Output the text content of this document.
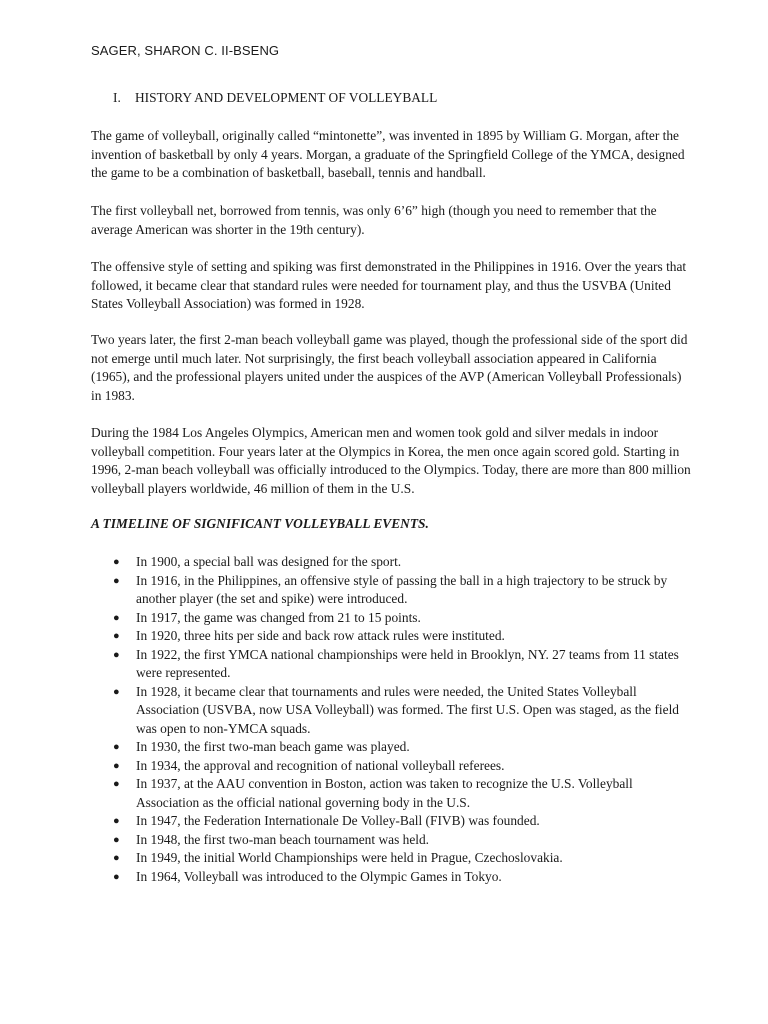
SAGER, SHARON C. II-BSENG

I. HISTORY AND DEVELOPMENT OF VOLLEYBALL

The game of volleyball, originally called “mintonette”, was invented in 1895 by William G. Morgan, after the invention of basketball by only 4 years. Morgan, a graduate of the Springfield College of the YMCA, designed the game to be a combination of basketball, baseball, tennis and handball.

The first volleyball net, borrowed from tennis, was only 6’6” high (though you need to remember that the average American was shorter in the 19th century).

The offensive style of setting and spiking was first demonstrated in the Philippines in 1916. Over the years that followed, it became clear that standard rules were needed for tournament play, and thus the USVBA (United States Volleyball Association) was formed in 1928.

Two years later, the first 2-man beach volleyball game was played, though the professional side of the sport did not emerge until much later. Not surprisingly, the first beach volleyball association appeared in California (1965), and the professional players united under the auspices of the AVP (American Volleyball Professionals) in 1983.

During the 1984 Los Angeles Olympics, American men and women took gold and silver medals in indoor volleyball competition. Four years later at the Olympics in Korea, the men once again scored gold. Starting in 1996, 2-man beach volleyball was officially introduced to the Olympics. Today, there are more than 800 million volleyball players worldwide, 46 million of them in the U.S.

A TIMELINE OF SIGNIFICANT VOLLEYBALL EVENTS.

● In 1900, a special ball was designed for the sport.
● In 1916, in the Philippines, an offensive style of passing the ball in a high trajectory to be struck by another player (the set and spike) were introduced.
● In 1917, the game was changed from 21 to 15 points.
● In 1920, three hits per side and back row attack rules were instituted.
● In 1922, the first YMCA national championships were held in Brooklyn, NY. 27 teams from 11 states were represented.
● In 1928, it became clear that tournaments and rules were needed, the United States Volleyball Association (USVBA, now USA Volleyball) was formed. The first U.S. Open was staged, as the field was open to non-YMCA squads.
● In 1930, the first two-man beach game was played.
● In 1934, the approval and recognition of national volleyball referees.
● In 1937, at the AAU convention in Boston, action was taken to recognize the U.S. Volleyball Association as the official national governing body in the U.S.
● In 1947, the Federation Internationale De Volley-Ball (FIVB) was founded.
● In 1948, the first two-man beach tournament was held.
● In 1949, the initial World Championships were held in Prague, Czechoslovakia.
● In 1964, Volleyball was introduced to the Olympic Games in Tokyo.
